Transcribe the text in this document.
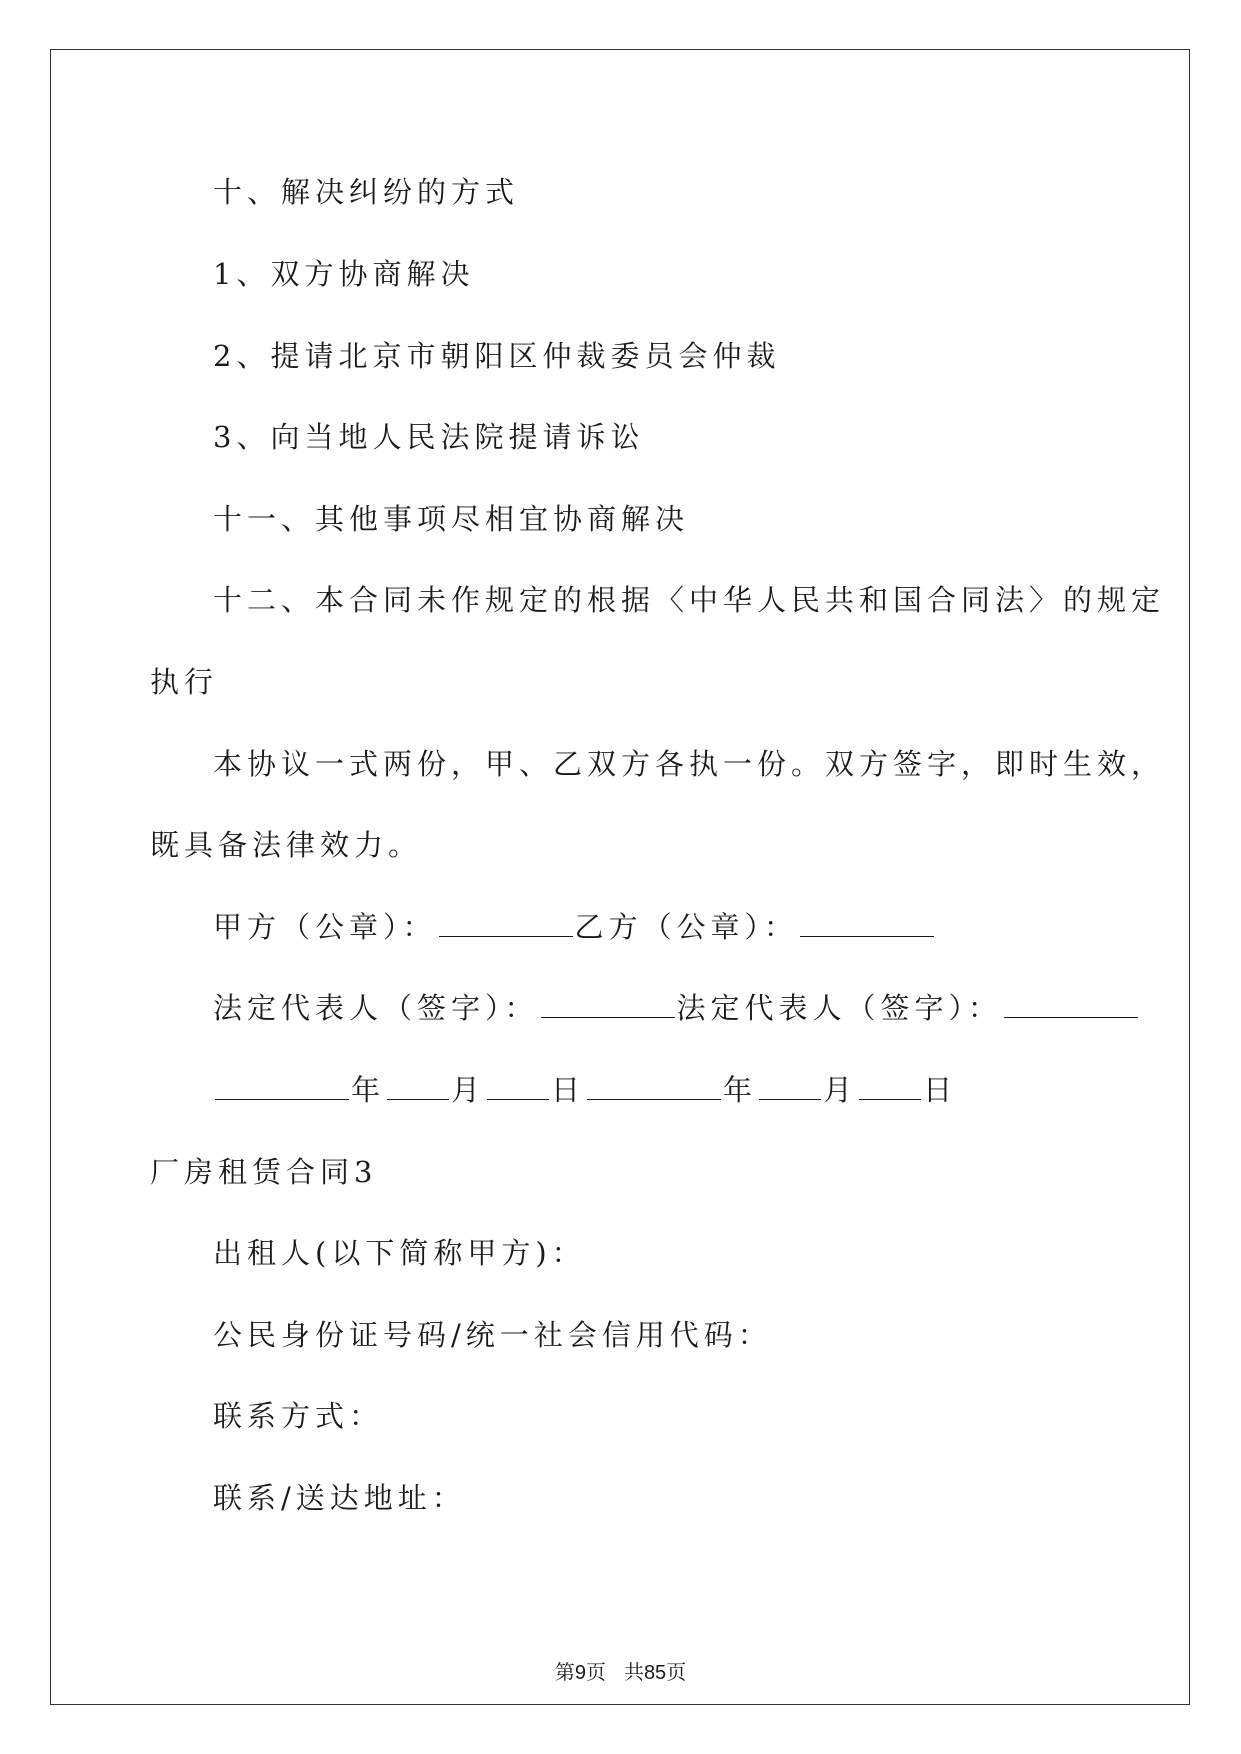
十、解决纠纷的方式
1、双方协商解决
2、提请北京市朝阳区仲裁委员会仲裁
3、向当地人民法院提请诉讼
十一、其他事项尽相宜协商解决
十二、本合同未作规定的根据〈中华人民共和国合同法〉的规定
执行
本协议一式两份，甲、乙双方各执一份。双方签字，即时生效，
既具备法律效力。
甲方（公章）：	乙方（公章）：
法定代表人（签字）：	法定代表人（签字）：
年 月 日	年 月 日
厂房租赁合同3
出租人(以下简称甲方)：
公民身份证号码/统一社会信用代码：
联系方式：
联系/送达地址：
第9页 共85页
